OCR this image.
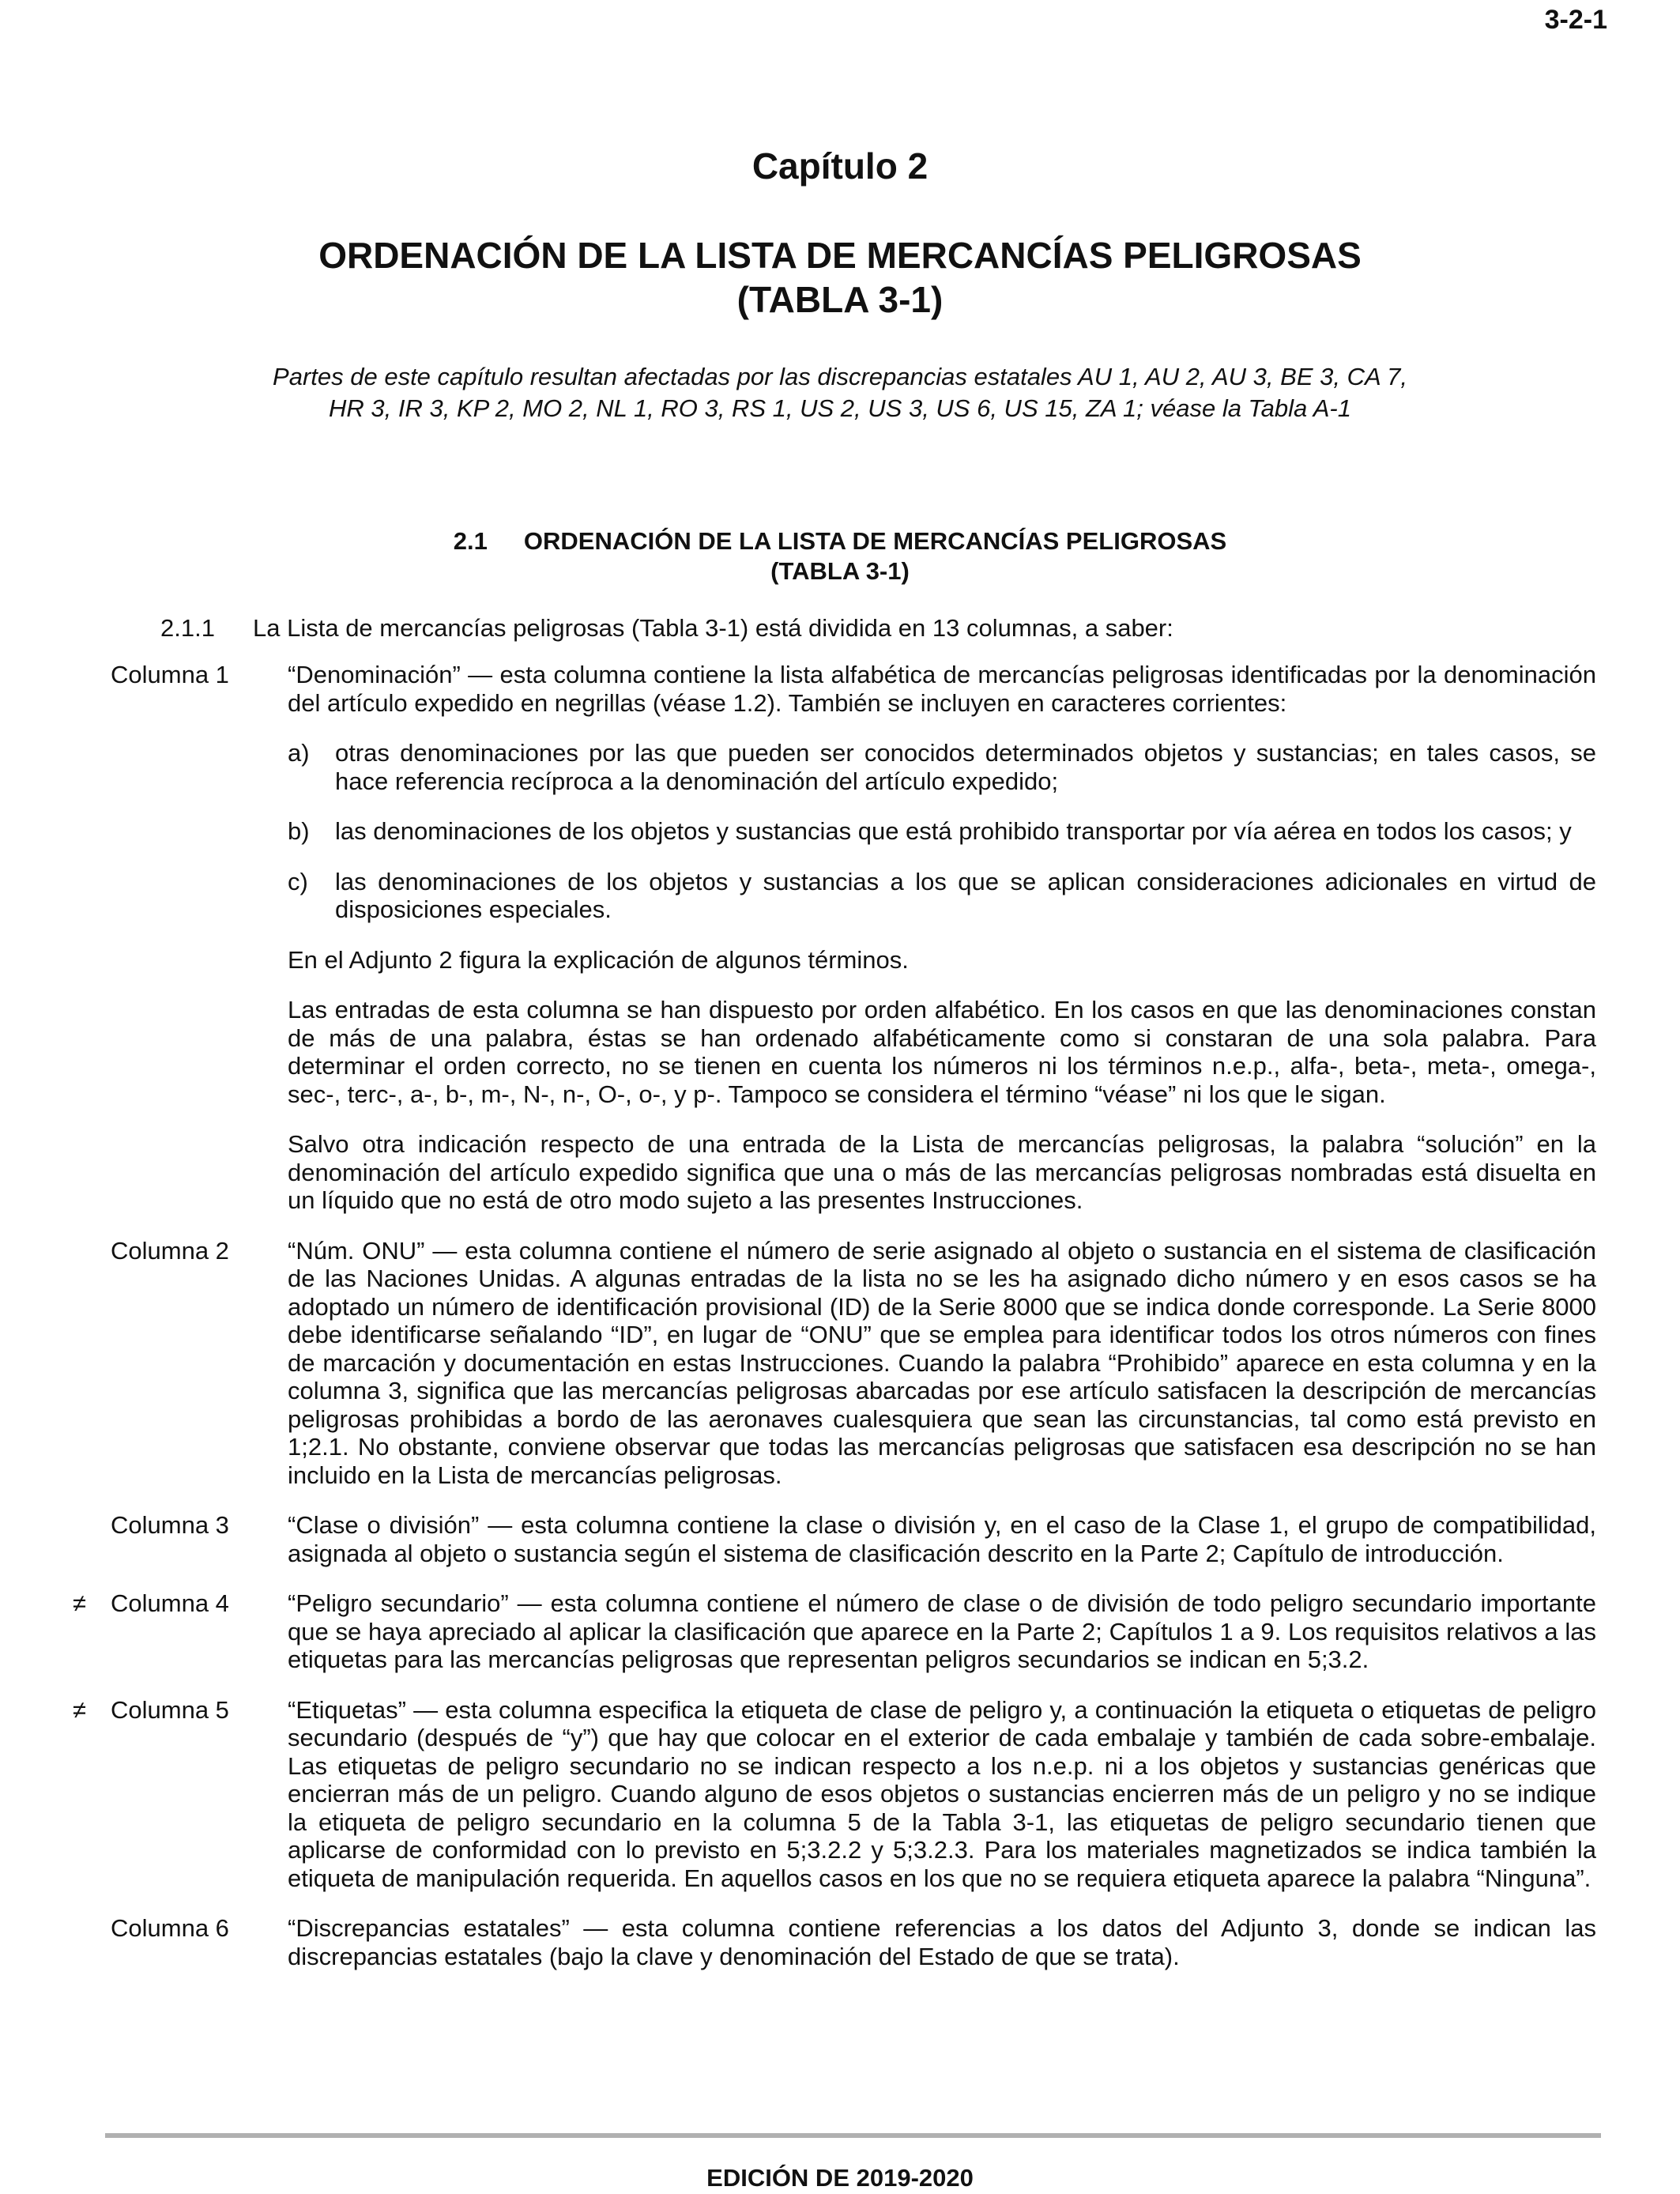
3-2-1
Capítulo 2
ORDENACIÓN DE LA LISTA DE MERCANCÍAS PELIGROSAS
(TABLA 3-1)
Partes de este capítulo resultan afectadas por las discrepancias estatales AU 1, AU 2, AU 3, BE 3, CA 7,
HR 3, IR 3, KP 2, MO 2, NL 1, RO 3, RS 1, US 2, US 3, US 6, US 15, ZA 1; véase la Tabla A-1
2.1 ORDENACIÓN DE LA LISTA DE MERCANCÍAS PELIGROSAS
(TABLA 3-1)
2.1.1 La Lista de mercancías peligrosas (Tabla 3-1) está dividida en 13 columnas, a saber:
Columna 1 “Denominación” — esta columna contiene la lista alfabética de mercancías peligrosas identificadas por la denominación del artículo expedido en negrillas (véase 1.2). También se incluyen en caracteres corrientes:

a) otras denominaciones por las que pueden ser conocidos determinados objetos y sustancias; en tales casos, se hace referencia recíproca a la denominación del artículo expedido;
b) las denominaciones de los objetos y sustancias que está prohibido transportar por vía aérea en todos los casos; y
c) las denominaciones de los objetos y sustancias a los que se aplican consideraciones adicionales en virtud de disposiciones especiales.

En el Adjunto 2 figura la explicación de algunos términos.

Las entradas de esta columna se han dispuesto por orden alfabético. En los casos en que las denominaciones constan de más de una palabra, éstas se han ordenado alfabéticamente como si constaran de una sola palabra. Para determinar el orden correcto, no se tienen en cuenta los números ni los términos n.e.p., alfa-, beta-, meta-, omega-, sec-, terc-, a-, b-, m-, N-, n-, O-, o-, y p-. Tampoco se considera el término “véase” ni los que le sigan.

Salvo otra indicación respecto de una entrada de la Lista de mercancías peligrosas, la palabra “solución” en la denominación del artículo expedido significa que una o más de las mercancías peligrosas nombradas está disuelta en un líquido que no está de otro modo sujeto a las presentes Instrucciones.

Columna 2 “Núm. ONU” — esta columna contiene el número de serie asignado al objeto o sustancia en el sistema de clasificación de las Naciones Unidas. A algunas entradas de la lista no se les ha asignado dicho número y en esos casos se ha adoptado un número de identificación provisional (ID) de la Serie 8000 que se indica donde corresponde. La Serie 8000 debe identificarse señalando “ID”, en lugar de “ONU” que se emplea para identificar todos los otros números con fines de marcación y documentación en estas Instrucciones. Cuando la palabra “Prohibido” aparece en esta columna y en la columna 3, significa que las mercancías peligrosas abarcadas por ese artículo satisfacen la descripción de mercancías peligrosas prohibidas a bordo de las aeronaves cualesquiera que sean las circunstancias, tal como está previsto en 1;2.1. No obstante, conviene observar que todas las mercancías peligrosas que satisfacen esa descripción no se han incluido en la Lista de mercancías peligrosas.
Columna 3 “Clase o división” — esta columna contiene la clase o división y, en el caso de la Clase 1, el grupo de compatibilidad, asignada al objeto o sustancia según el sistema de clasificación descrito en la Parte 2; Capítulo de introducción.
≠ Columna 4 “Peligro secundario” — esta columna contiene el número de clase o de división de todo peligro secundario importante que se haya apreciado al aplicar la clasificación que aparece en la Parte 2; Capítulos 1 a 9. Los requisitos relativos a las etiquetas para las mercancías peligrosas que representan peligros secundarios se indican en 5;3.2.
≠ Columna 5 “Etiquetas” — esta columna especifica la etiqueta de clase de peligro y, a continuación la etiqueta o etiquetas de peligro secundario (después de “y”) que hay que colocar en el exterior de cada embalaje y también de cada sobre-embalaje. Las etiquetas de peligro secundario no se indican respecto a los n.e.p. ni a los objetos y sustancias genéricas que encierran más de un peligro. Cuando alguno de esos objetos o sustancias encierren más de un peligro y no se indique la etiqueta de peligro secundario en la columna 5 de la Tabla 3-1, las etiquetas de peligro secundario tienen que aplicarse de conformidad con lo previsto en 5;3.2.2 y 5;3.2.3. Para los materiales magnetizados se indica también la etiqueta de manipulación requerida. En aquellos casos en los que no se requiera etiqueta aparece la palabra “Ninguna”.
Columna 6 “Discrepancias estatales” — esta columna contiene referencias a los datos del Adjunto 3, donde se indican las discrepancias estatales (bajo la clave y denominación del Estado de que se trata).
EDICIÓN DE 2019-2020
